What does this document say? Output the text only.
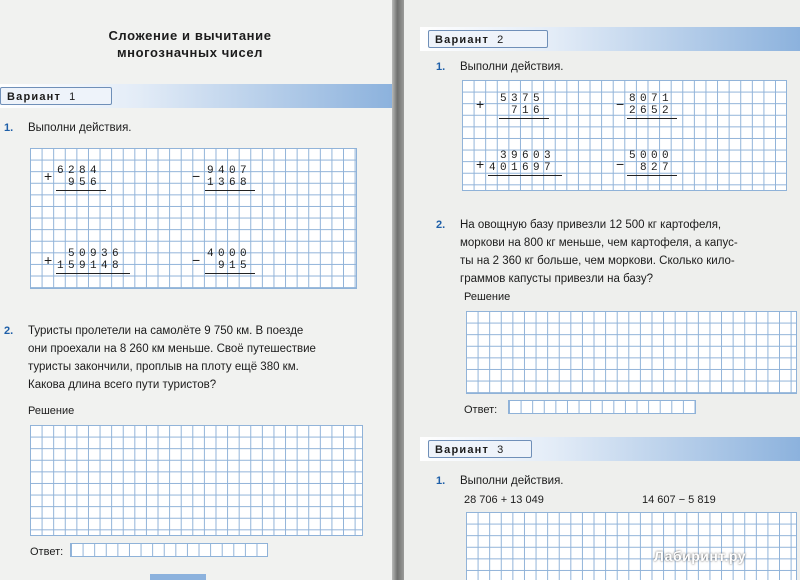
Сложение и вычитание
многозначных чисел
Вариант 1
1. Выполни действия.
+ 6284
956	− 9407
1368
+ 50936
159148	− 4000
915
2. Туристы пролетели на самолёте 9 750 км. В поезде
они проехали на 8 260 км меньше. Своё путешествие
туристы закончили, проплыв на плоту ещё 380 км.
Какова длина всего пути туристов?
Решение
Ответ:
Вариант 2
1. Выполни действия.
+ 5375
716	− 8071
2652
+ 39603
401697	− 5000
827
2. На овощную базу привезли 12 500 кг картофеля,
моркови на 800 кг меньше, чем картофеля, а капус-
ты на 2 360 кг больше, чем моркови. Сколько кило-
граммов капусты привезли на базу?
Решение
Ответ:
Вариант 3
1. Выполни действия.
28 706 + 13 049	14 607 − 5 819
Лабиринт.ру
